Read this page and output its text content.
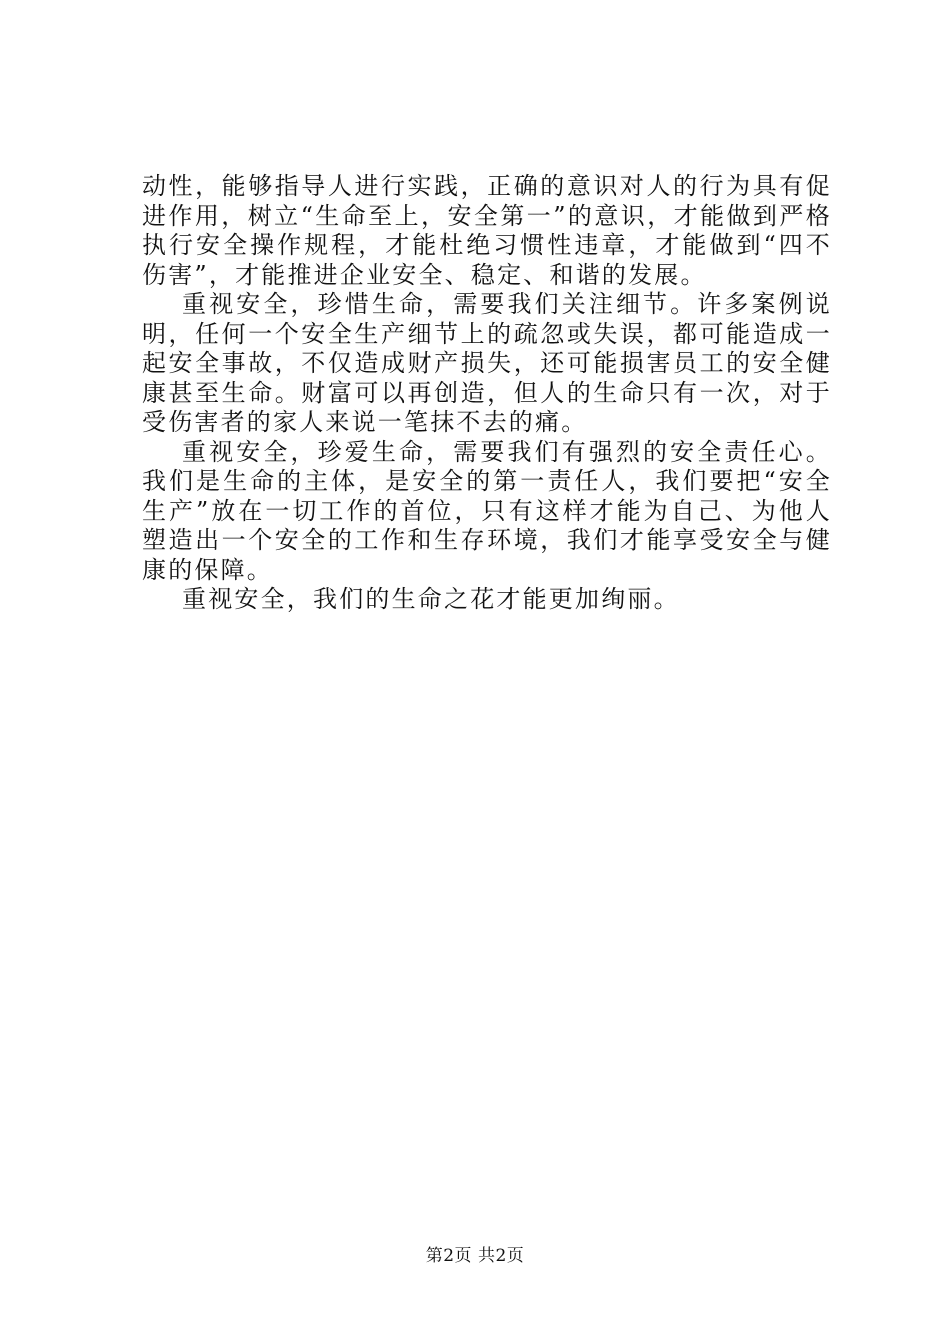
动性，能够指导人进行实践，正确的意识对人的行为具有促进作用，树立“生命至上，安全第一”的意识，才能做到严格执行安全操作规程，才能杜绝习惯性违章，才能做到“四不伤害”，才能推进企业安全、稳定、和谐的发展。

重视安全，珍惜生命，需要我们关注细节。许多案例说明，任何一个安全生产细节上的疏忽或失误，都可能造成一起安全事故，不仅造成财产损失，还可能损害员工的安全健康甚至生命。财富可以再创造，但人的生命只有一次，对于受伤害者的家人来说一笔抹不去的痛。

重视安全，珍爱生命，需要我们有强烈的安全责任心。我们是生命的主体，是安全的第一责任人，我们要把“安全生产”放在一切工作的首位，只有这样才能为自己、为他人塑造出一个安全的工作和生存环境，我们才能享受安全与健康的保障。

重视安全，我们的生命之花才能更加绚丽。

第2页 共2页
